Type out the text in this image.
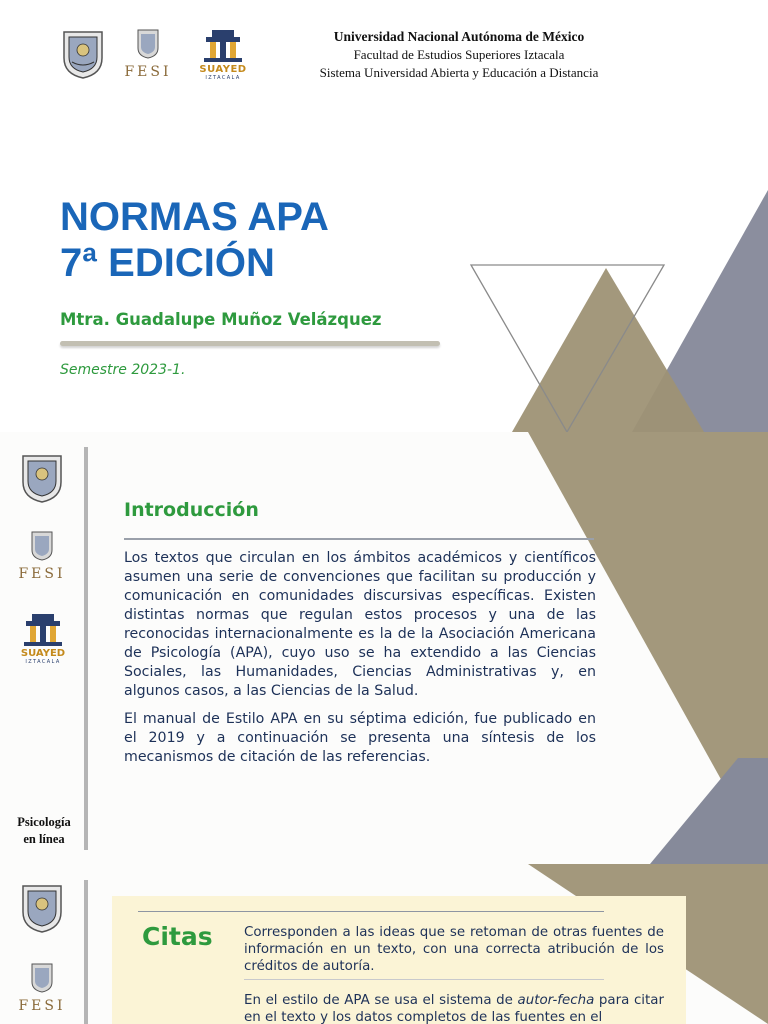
FESI	SUAYED
IZTACALA
Universidad Nacional Autónoma de México
Facultad de Estudios Superiores Iztacala
Sistema Universidad Abierta y Educación a Distancia
NORMAS APA
7ª EDICIÓN
Mtra. Guadalupe Muñoz Velázquez
Semestre 2023-1.
FESI
SUAYED
IZTACALA
Psicología
en línea
Introducción
Los textos que circulan en los ámbitos académicos y científicos asumen una serie de convenciones que facilitan su producción y comunicación en comunidades discursivas específicas. Existen distintas normas que regulan estos procesos y una de las reconocidas internacionalmente es la de la Asociación Americana de Psicología (APA), cuyo uso se ha extendido a las Ciencias Sociales, las Humanidades, Ciencias Administrativas y, en algunos casos, a las Ciencias de la Salud.
El manual de Estilo APA en su séptima edición, fue publicado en el 2019 y a continuación se presenta una síntesis de los mecanismos de citación de las referencias.
FESI
Citas Corresponden a las ideas que se retoman de otras fuentes de información en un texto, con una correcta atribución de los créditos de autoría.
En el estilo de APA se usa el sistema de autor-fecha para citar en el texto y los datos completos de las fuentes en el
